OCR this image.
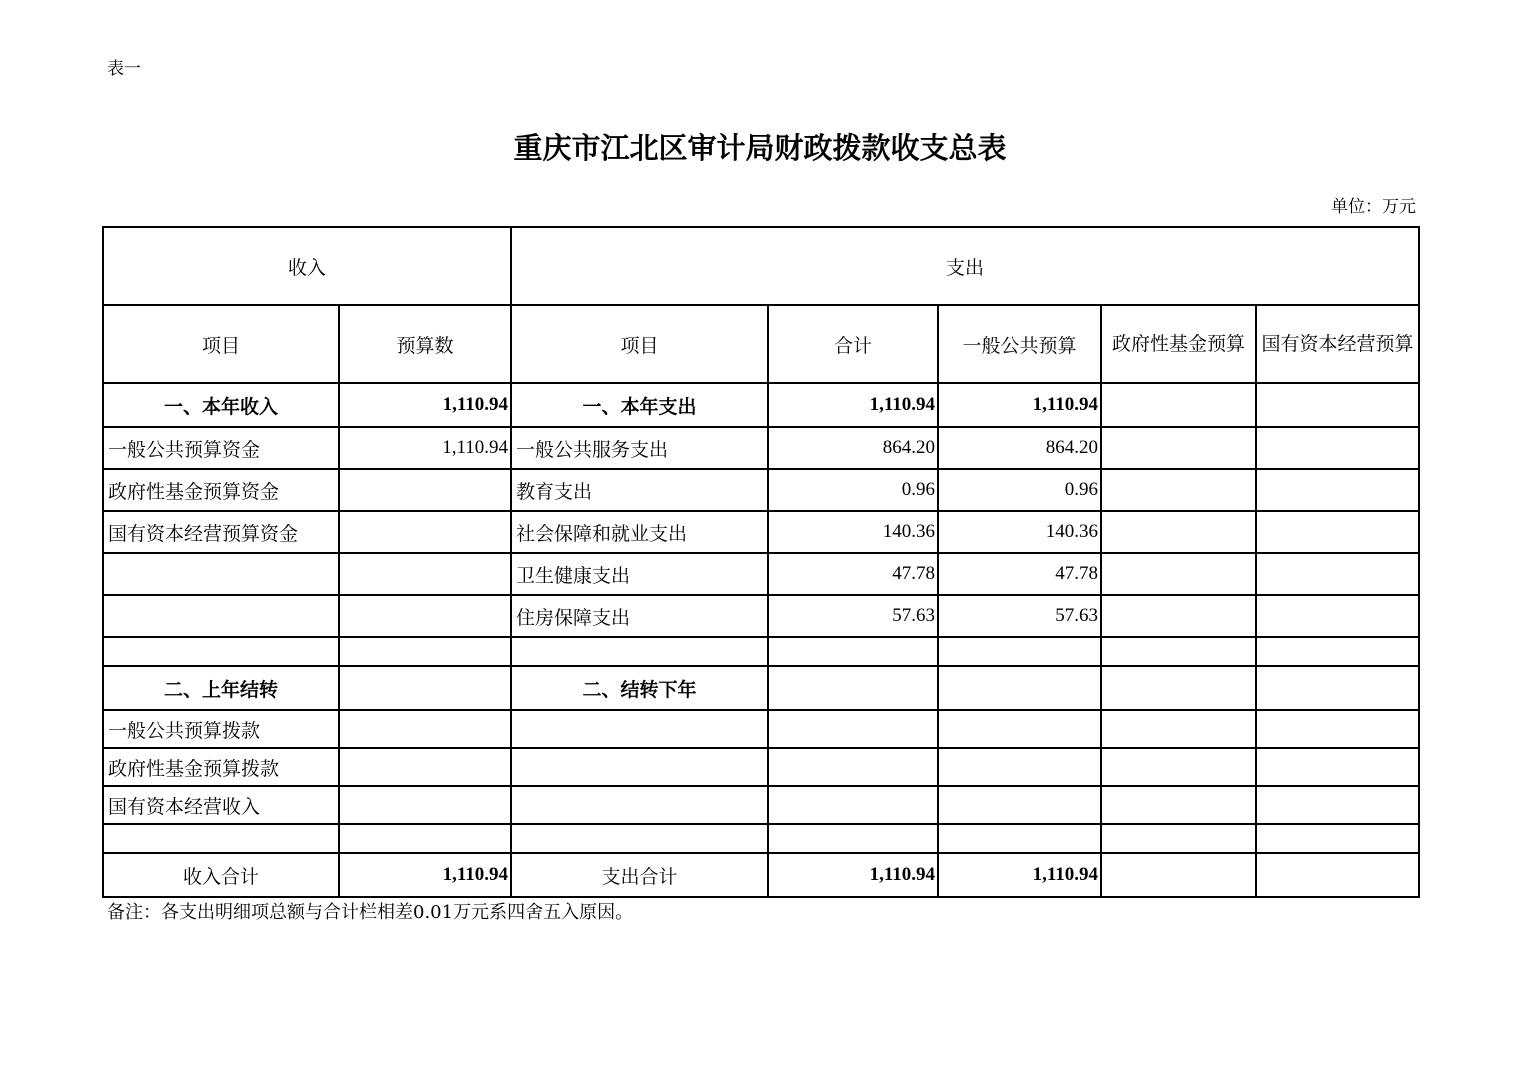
表一
重庆市江北区审计局财政拨款收支总表
单位：万元
收入		支出				
项目	预算数	项目	合计	一般公共预算	政府性基金预算	国有资本经营预算
一、本年收入	1,110.94	一、本年支出	1,110.94	1,110.94		
一般公共预算资金	1,110.94	一般公共服务支出	864.20	864.20		
政府性基金预算资金		教育支出	0.96	0.96		
国有资本经营预算资金		社会保障和就业支出	140.36	140.36		
		卫生健康支出	47.78	47.78		
		住房保障支出	57.63	57.63		

二、上年结转		二、结转下年				
一般公共预算拨款						
政府性基金预算拨款						
国有资本经营收入						

收入合计	1,110.94	支出合计	1,110.94	1,110.94		
备注：各支出明细项总额与合计栏相差0.01万元系四舍五入原因。
